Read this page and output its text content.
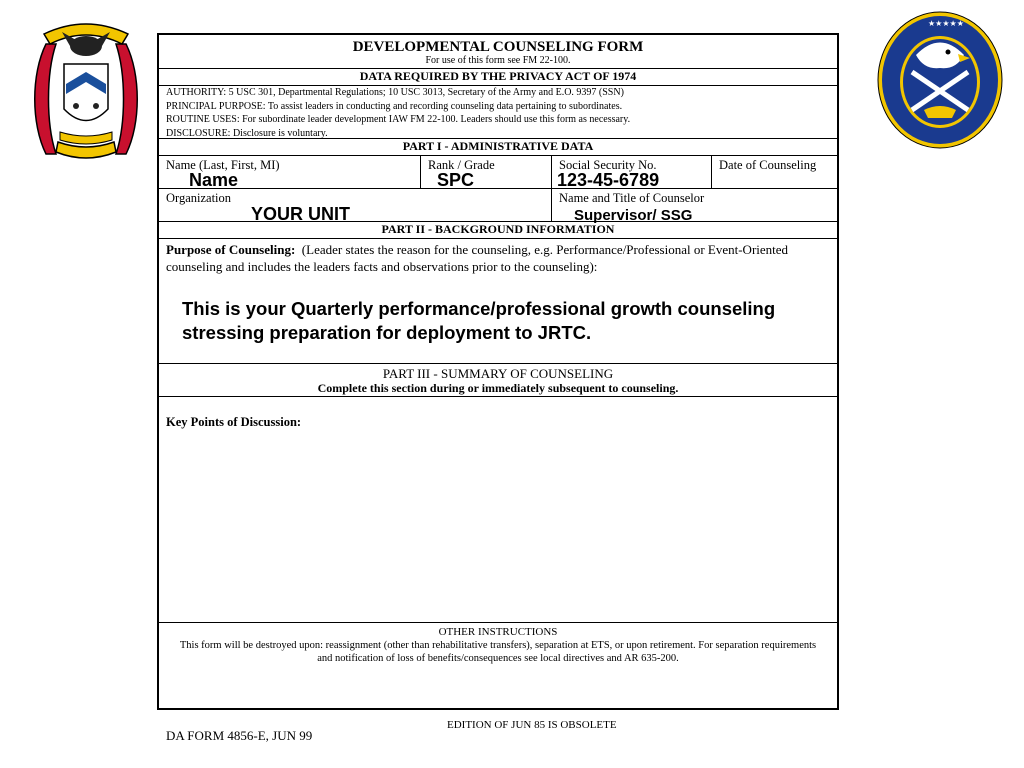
★★★★★
DEVELOPMENTAL COUNSELING FORM
For use of this form see FM 22-100.
DATA REQUIRED BY THE PRIVACY ACT OF 1974
AUTHORITY: 5 USC 301, Departmental Regulations; 10 USC 3013, Secretary of the Army and E.O. 9397 (SSN)
PRINCIPAL PURPOSE: To assist leaders in conducting and recording counseling data pertaining to subordinates.
ROUTINE USES: For subordinate leader development IAW FM 22-100. Leaders should use this form as necessary.
DISCLOSURE: Disclosure is voluntary.
PART I - ADMINISTRATIVE DATA
Name (Last, First, MI)
Name
Rank / Grade
SPC
Social Security No.
123-45-6789
Date of Counseling
Organization
YOUR UNIT
Name and Title of Counselor
Supervisor/ SSG
PART II - BACKGROUND INFORMATION
Purpose of Counseling: (Leader states the reason for the counseling, e.g. Performance/Professional or Event-Oriented counseling and includes the leaders facts and observations prior to the counseling):
This is your Quarterly performance/professional growth counseling stressing preparation for deployment to JRTC.
PART III - SUMMARY OF COUNSELING
Complete this section during or immediately subsequent to counseling.
Key Points of Discussion:
OTHER INSTRUCTIONS
This form will be destroyed upon: reassignment (other than rehabilitative transfers), separation at ETS, or upon retirement. For separation requirements and notification of loss of benefits/consequences see local directives and AR 635-200.
DA FORM 4856-E, JUN 99
EDITION OF JUN 85 IS OBSOLETE
